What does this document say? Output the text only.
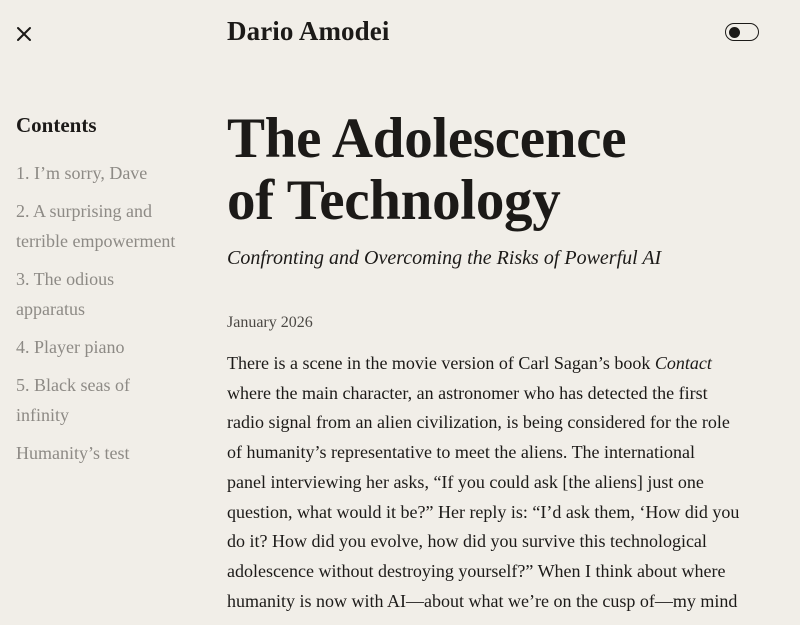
Dario Amodei
Contents
1. I’m sorry, Dave
2. A surprising and terrible empowerment
3. The odious apparatus
4. Player piano
5. Black seas of infinity
Humanity’s test
The Adolescence
of Technology

Confronting and Overcoming the Risks of Powerful AI

January 2026

There is a scene in the movie version of Carl Sagan’s book Contact
where the main character, an astronomer who has detected the first
radio signal from an alien civilization, is being considered for the role
of humanity’s representative to meet the aliens. The international
panel interviewing her asks, “If you could ask [the aliens] just one
question, what would it be?” Her reply is: “I’d ask them, ‘How did you
do it? How did you evolve, how did you survive this technological
adolescence without destroying yourself?” When I think about where
humanity is now with AI—about what we’re on the cusp of—my mind
